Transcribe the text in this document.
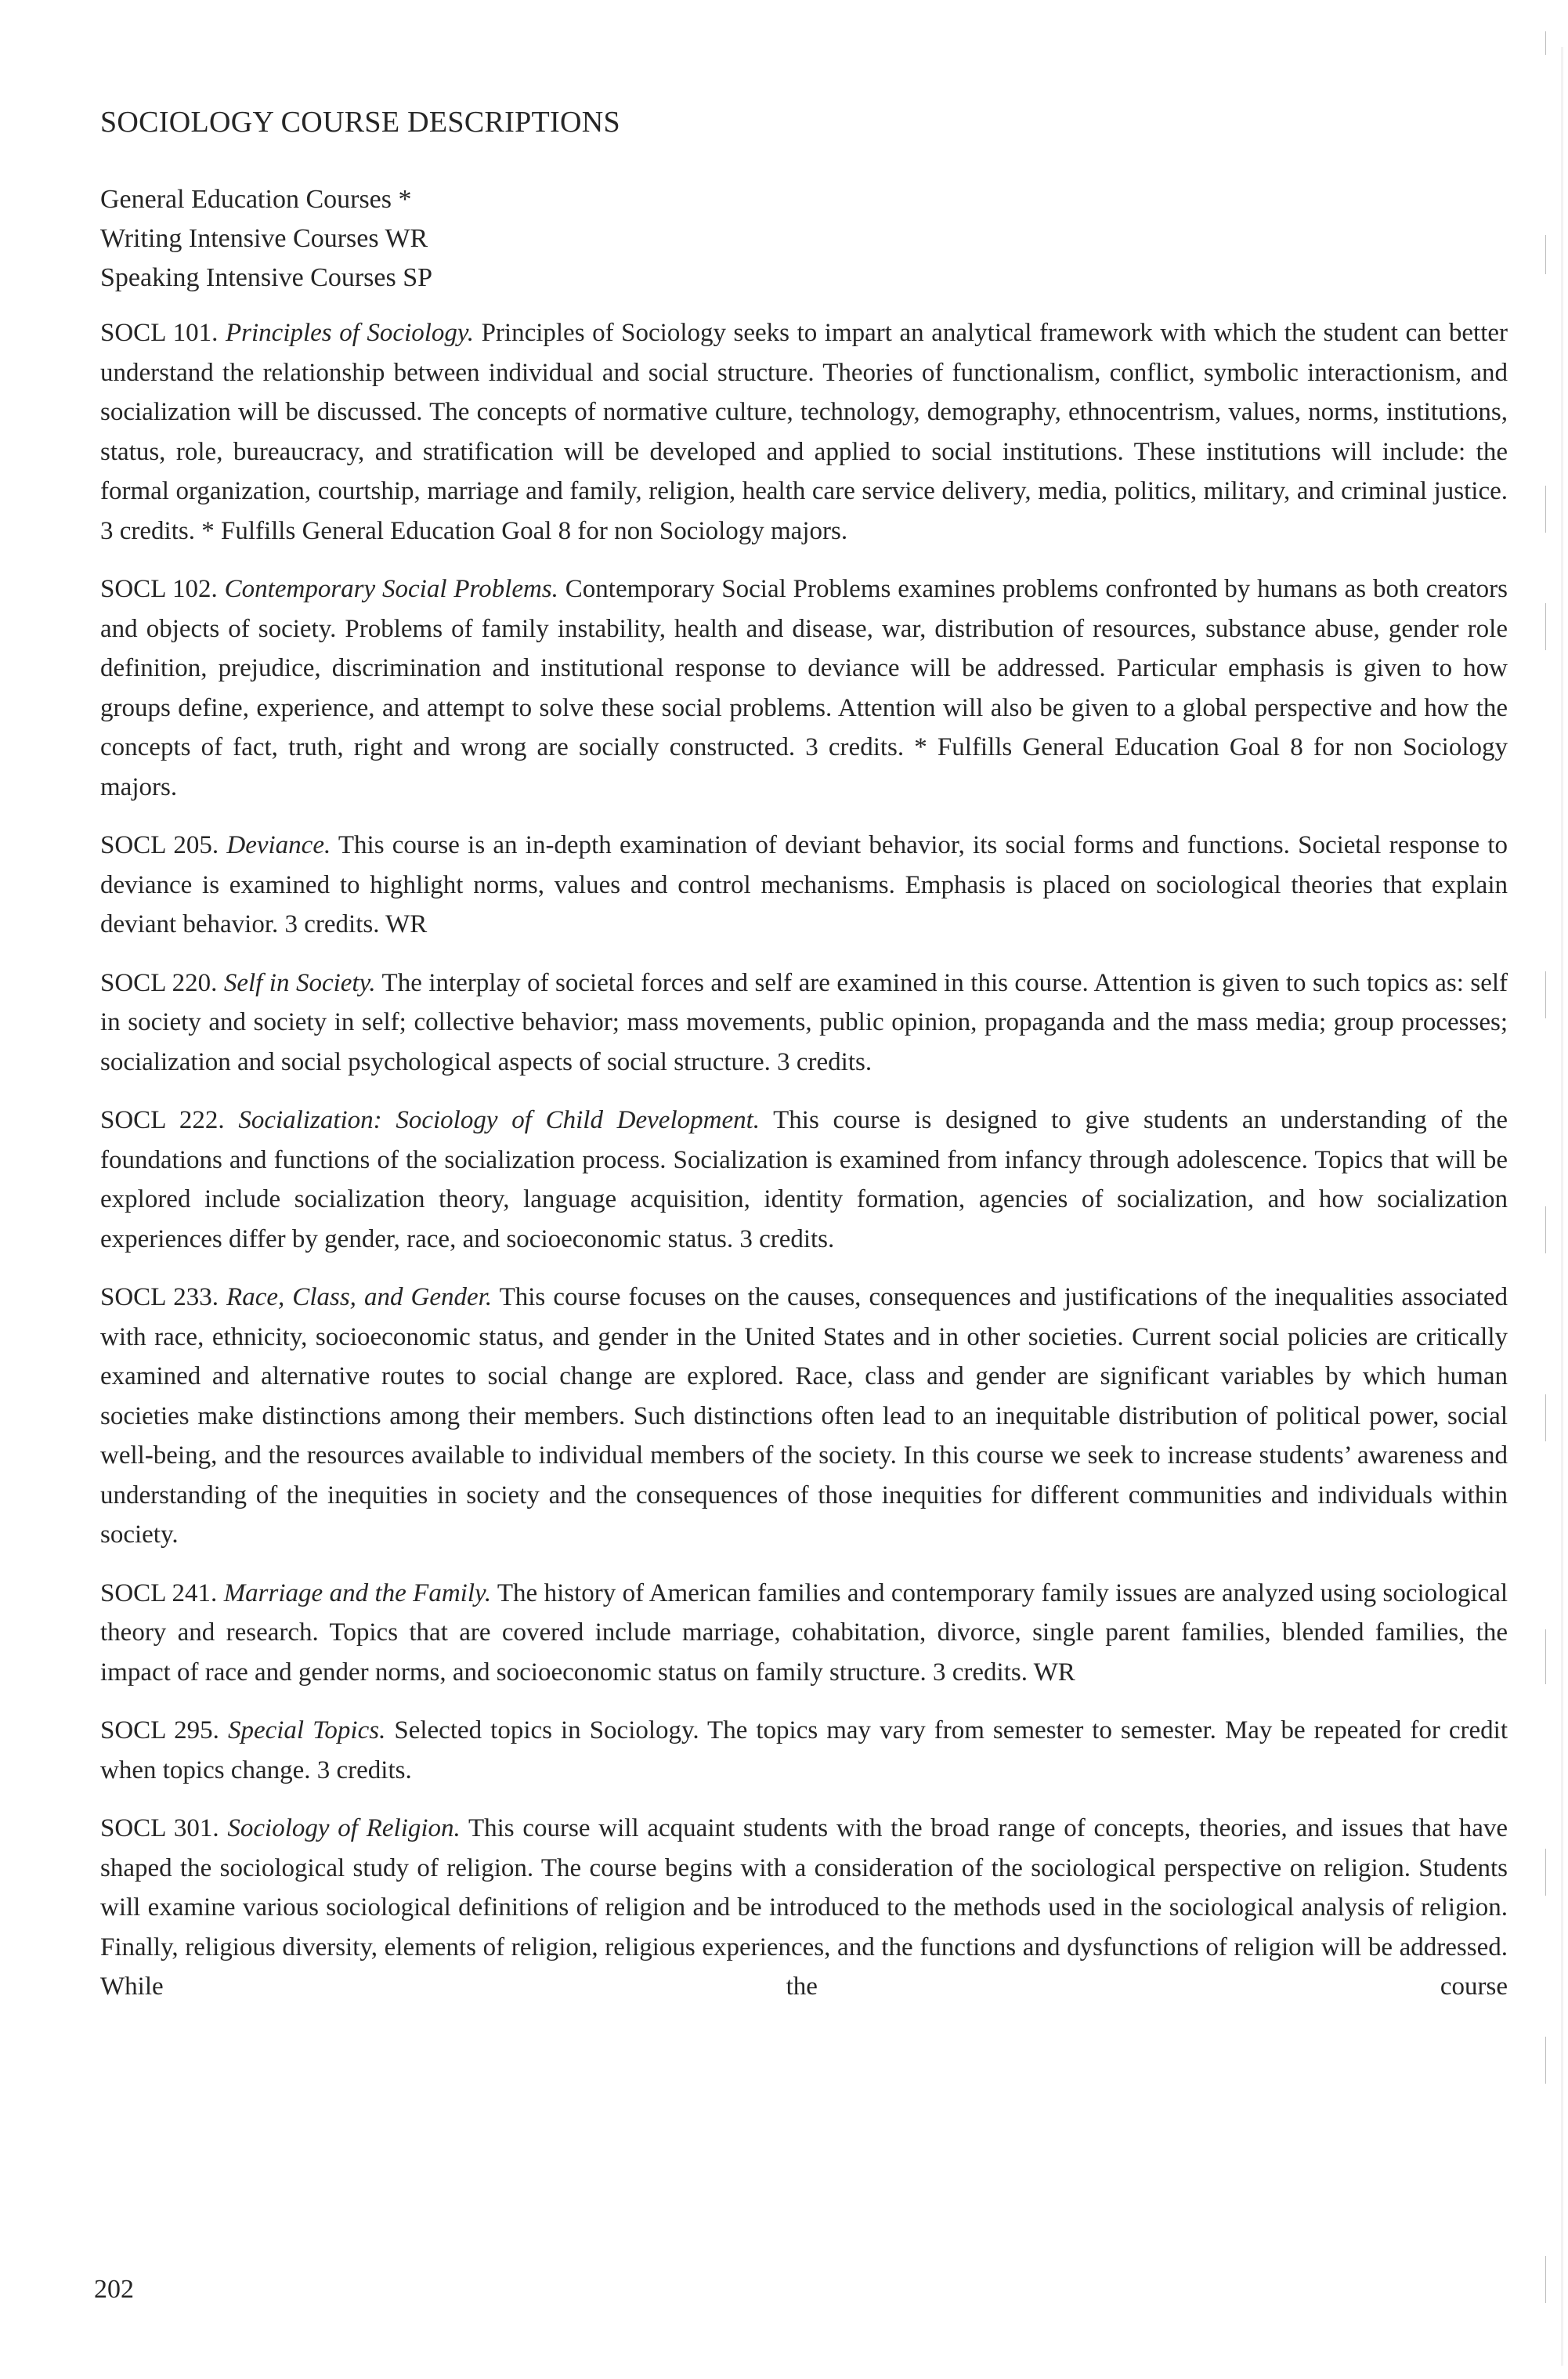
SOCIOLOGY COURSE DESCRIPTIONS
General Education Courses *
Writing Intensive Courses WR
Speaking Intensive Courses SP

SOCL 101. Principles of Sociology. Principles of Sociology seeks to impart an analytical framework with which the student can better understand the relationship between individual and social structure. Theories of functionalism, conflict, symbolic interactionism, and socialization will be discussed. The concepts of normative culture, technology, demography, ethnocentrism, values, norms, institutions, status, role, bureaucracy, and stratification will be developed and applied to social institutions. These institutions will include: the formal organization, courtship, marriage and family, religion, health care service delivery, media, politics, military, and criminal justice. 3 credits. * Fulfills General Education Goal 8 for non Sociology majors.

SOCL 102. Contemporary Social Problems. Contemporary Social Problems examines problems confronted by humans as both creators and objects of society. Problems of family instability, health and disease, war, distribution of resources, substance abuse, gender role definition, prejudice, discrimination and institutional response to deviance will be addressed. Particular emphasis is given to how groups define, experience, and attempt to solve these social problems. Attention will also be given to a global perspective and how the concepts of fact, truth, right and wrong are socially constructed. 3 credits. * Fulfills General Education Goal 8 for non Sociology majors.

SOCL 205. Deviance. This course is an in-depth examination of deviant behavior, its social forms and functions. Societal response to deviance is examined to highlight norms, values and control mechanisms. Emphasis is placed on sociological theories that explain deviant behavior. 3 credits. WR

SOCL 220. Self in Society. The interplay of societal forces and self are examined in this course. Attention is given to such topics as: self in society and society in self; collective behavior; mass movements, public opinion, propaganda and the mass media; group processes; socialization and social psychological aspects of social structure. 3 credits.

SOCL 222. Socialization: Sociology of Child Development. This course is designed to give students an understanding of the foundations and functions of the socialization process. Socialization is examined from infancy through adolescence. Topics that will be explored include socialization theory, language acquisition, identity formation, agencies of socialization, and how socialization experiences differ by gender, race, and socioeconomic status. 3 credits.

SOCL 233. Race, Class, and Gender. This course focuses on the causes, consequences and justifications of the inequalities associated with race, ethnicity, socioeconomic status, and gender in the United States and in other societies. Current social policies are critically examined and alternative routes to social change are explored. Race, class and gender are significant variables by which human societies make distinctions among their members. Such distinctions often lead to an inequitable distribution of political power, social well-being, and the resources available to individual members of the society. In this course we seek to increase students’ awareness and understanding of the inequities in society and the consequences of those inequities for different communities and individuals within society.

SOCL 241. Marriage and the Family. The history of American families and contemporary family issues are analyzed using sociological theory and research. Topics that are covered include marriage, cohabitation, divorce, single parent families, blended families, the impact of race and gender norms, and socioeconomic status on family structure. 3 credits. WR

SOCL 295. Special Topics. Selected topics in Sociology. The topics may vary from semester to semester. May be repeated for credit when topics change. 3 credits.

SOCL 301. Sociology of Religion. This course will acquaint students with the broad range of concepts, theories, and issues that have shaped the sociological study of religion. The course begins with a consideration of the sociological perspective on religion. Students will examine various sociological definitions of religion and be introduced to the methods used in the sociological analysis of religion. Finally, religious diversity, elements of religion, religious experiences, and the functions and dysfunctions of religion will be addressed. While the course

202
